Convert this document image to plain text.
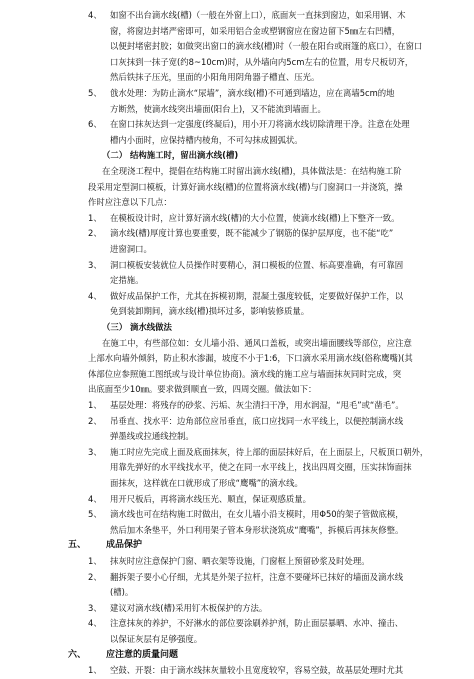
4、 如窗不出台滴水线(槽)（一般在外窗上口），底面灰一直抹到窗边，如采用钢、木
窗，将窗边封堵严密即可，如采用铝合金或塑钢窗应在窗边留下5㎜左右凹槽，
以便封堵密封胶；如做突出窗口的滴水线(槽)时（一般在阳台或雨篷的底口），在窗口
口灰抹到一抹子宽(约8~10cm)时，从外墙向内5cm左右的位置，用专尺板切齐，
然后铁抹子压光，里面的小阳角用阴角器子槽直、压光。
5、 戗水处理：为防止滴水“尿墙”，滴水线(槽)不可通到墙边，应在离墙5cm的地
方断然，使滴水线突出墙面(阳台上)，又不能流到墙面上。
6、 在窗口抹灰达到一定强度(终凝后)，用小开刀将滴水线切除清理干净。注意在处理
槽内小面时，应保持槽内棱角，不可勾抹成圆弧状。
（二） 结构施工时，留出滴水线(槽)
在全现浇工程中，提倡在结构施工时留出滴水线(槽)，具体做法是：在结构施工阶
段采用定型洞口模板，计算好滴水线(槽)的位置将滴水线(槽)与门窗洞口一并浇筑，操
作时应注意以下几点：
1、 在模板设计时，应计算好滴水线(槽)的大小位置，使滴水线(槽)上下整齐一致。
2、 滴水线(槽)厚度计算也要重要，既不能减少了钢筋的保护层厚度，也不能“吃”
进窗洞口。
3、 洞口模板安装就位人员操作时要精心，洞口模板的位置、标高要准确，有可靠固
定措施。
4、 做好成品保护工作，尤其在拆模初期，混凝土强度较低，定要做好保护工作，以
免到装卸期间，滴水线(槽)损坏过多，影响装修质量。
（三） 滴水线做法
在施工中，有些部位如：女儿墙小沿、通风口盖板，或突出墙面腰线等部位，应注意
上部水向墙外倾斜，防止积水渗漏，坡度不小于1:6，下口滴水采用滴水线(俗称鹰嘴)(其
体部位应参照施工图纸或与设计单位协商)。滴水线的施工应与墙面抹灰同时完成，突
出底面至少10㎜。要求做到顺直一致，四周交圈。做法如下：
1、 基层处理：将残存的砂浆、污垢、灰尘清扫干净，用水润湿，“甩毛”或“凿毛”。
2、 吊垂直、找水平：边角部位应吊垂直，底口应找同一水平线上，以便控制滴水线
弹墨线或拉通线控制。
3、 施工时应先完成上面及底面抹灰，待上部的面层抹好后，在上面层上，尺板顶口朝外，
用靠先弹好的水平线找水平，使之在同一水平线上，找出四周交圈，压实抹饰面抹
面抹灰，这样就在口就形成了形成“鹰嘴”的滴水线。
4、 用开尺板后，再将滴水线压光、顺直，保证观感质量。
5、 滴水线也可在结构施工时做出，在女儿墙小沿支模时，用Φ50的架子管做底模，
然后加木条垫平，外口利用架子管本身形状浇筑成“鹰嘴”，拆模后再抹灰修整。
五、	成品保护
1、 抹灰时应注意保护门窗、晒衣架等设施，门窗框上预留砂浆及时处理。
2、 翻拆架子要小心仔细，尤其是外架子拉杆，注意不要碰坏已抹好的墙面及滴水线
(槽)。
3、 建议对滴水线(槽)采用钉木板保护的方法。
4、 注意抹灰的养护，不好淋水的部位要涂刷养护剂，防止面层暴晒、水冲、撞击、
以保证灰层有足够强度。
六、	应注意的质量问题
1、 空鼓、开裂：由于滴水线抹灰量较小且宽度较窄，容易空鼓，故基层处理时尤其
